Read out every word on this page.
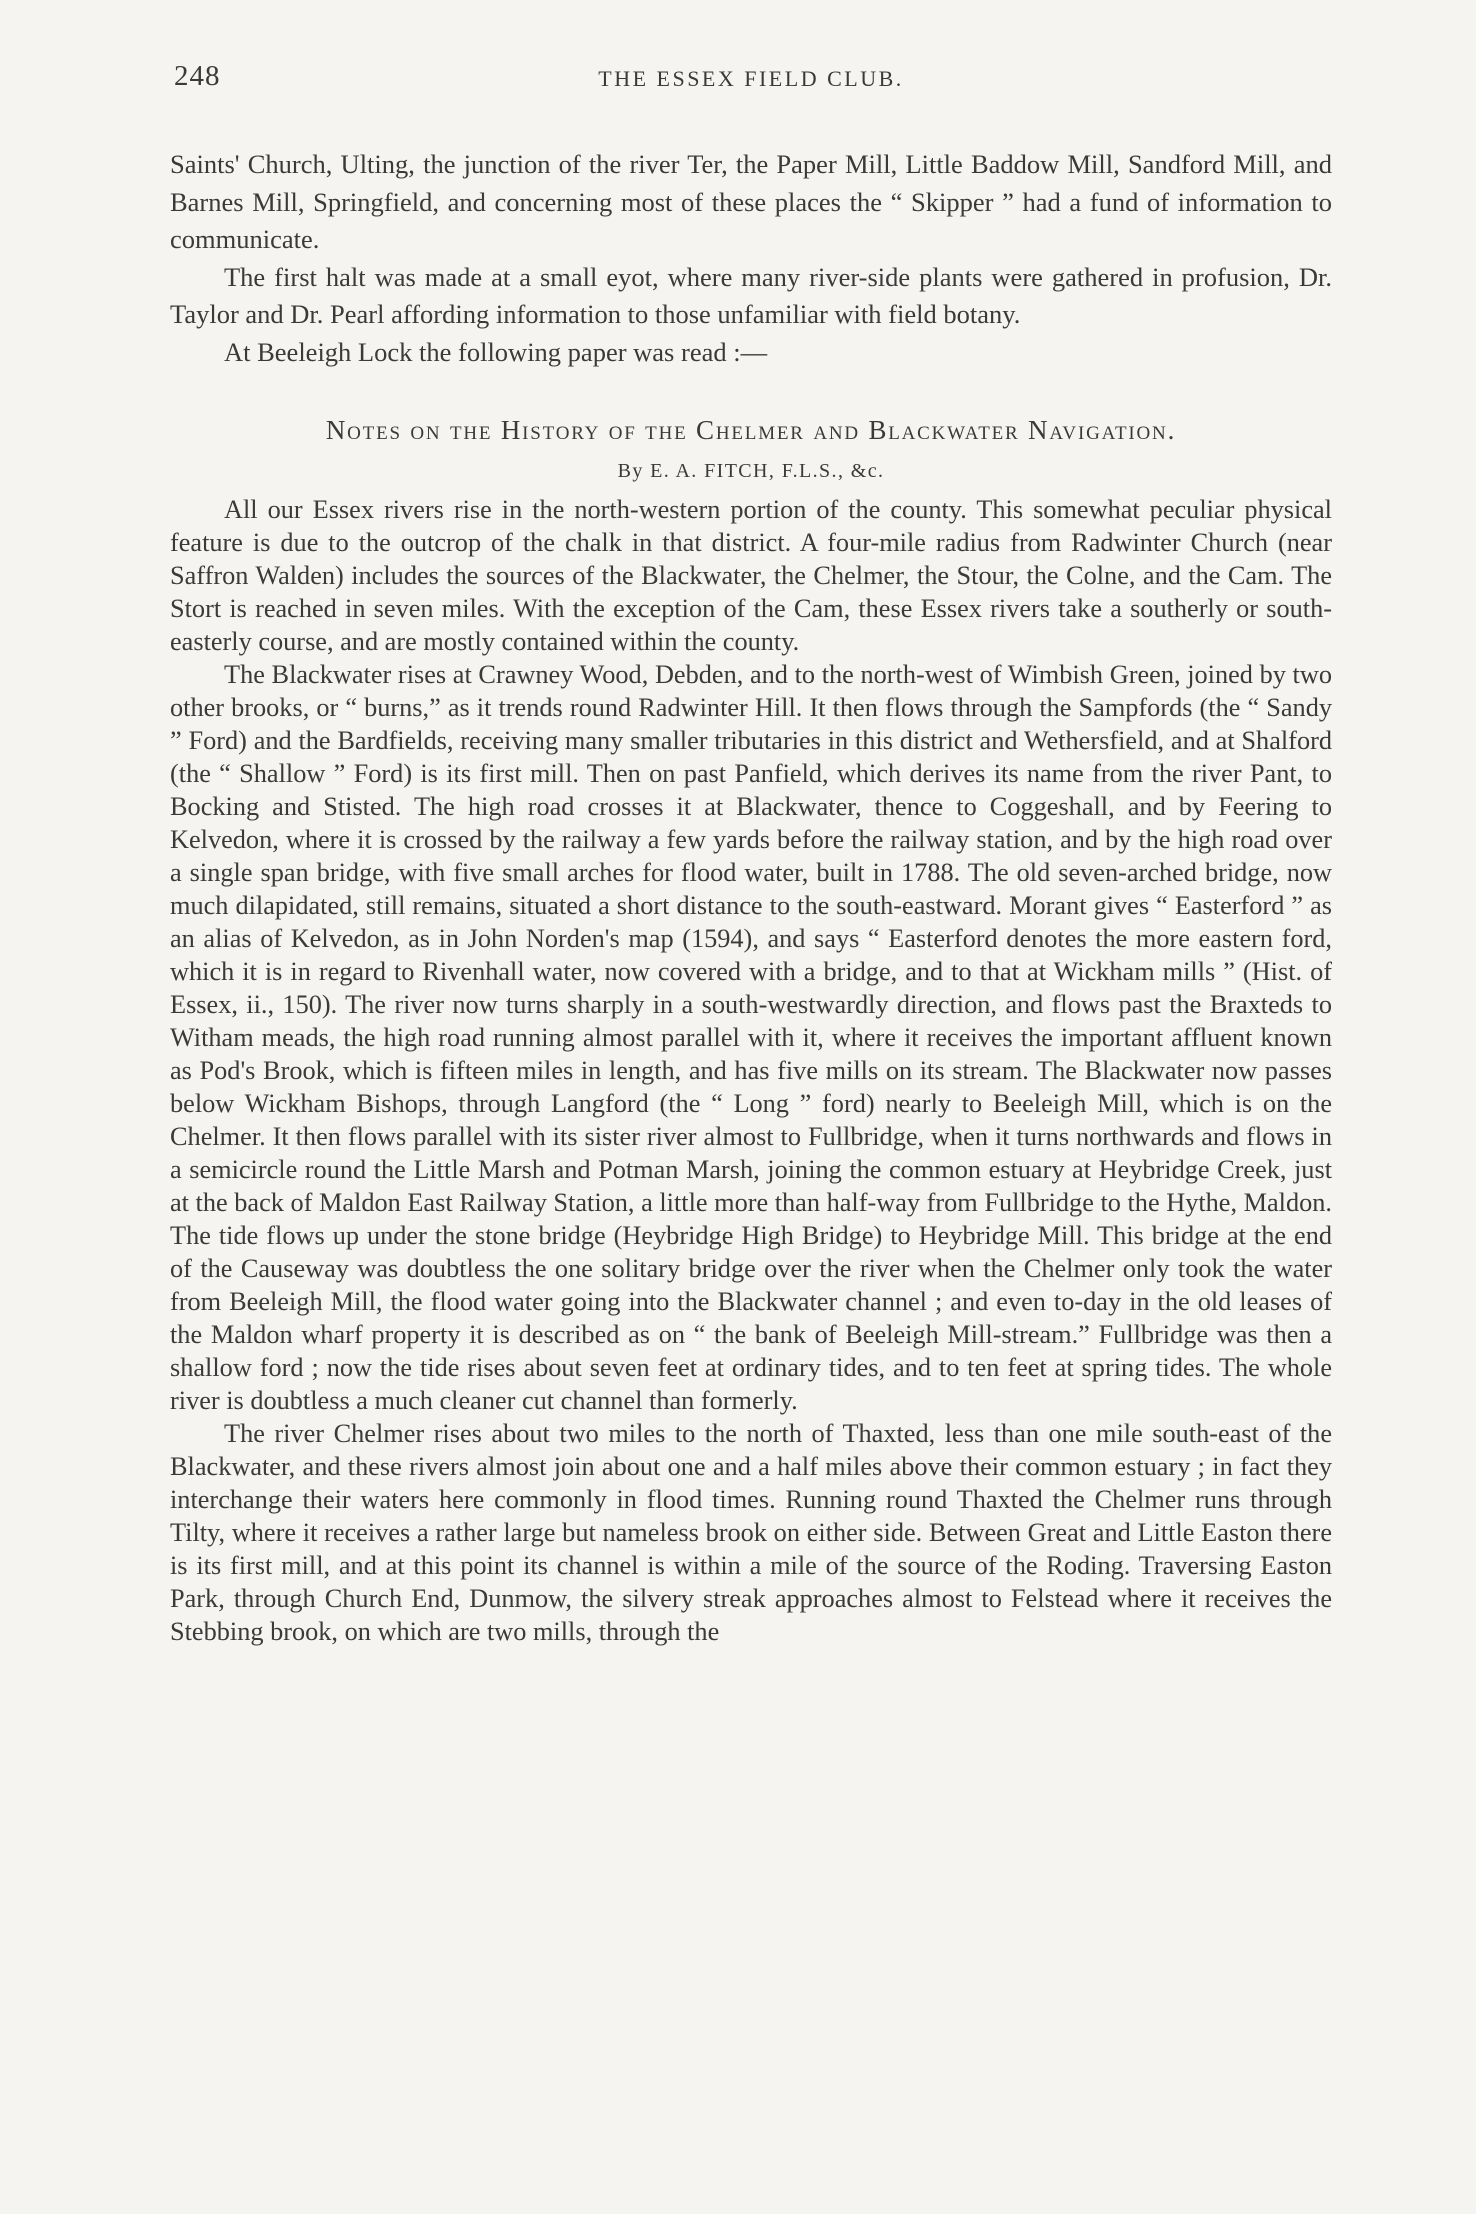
248	THE ESSEX FIELD CLUB.

Saints' Church, Ulting, the junction of the river Ter, the Paper Mill, Little Baddow Mill, Sandford Mill, and Barnes Mill, Springfield, and concerning most of these places the “ Skipper ” had a fund of information to communicate.

The first halt was made at a small eyot, where many river-side plants were gathered in profusion, Dr. Taylor and Dr. Pearl affording information to those unfamiliar with field botany.

At Beeleigh Lock the following paper was read :—

Notes on the History of the Chelmer and Blackwater Navigation.
By E. A. FITCH, F.L.S., &c.

All our Essex rivers rise in the north-western portion of the county. This somewhat peculiar physical feature is due to the outcrop of the chalk in that district. A four-mile radius from Radwinter Church (near Saffron Walden) includes the sources of the Blackwater, the Chelmer, the Stour, the Colne, and the Cam. The Stort is reached in seven miles. With the exception of the Cam, these Essex rivers take a southerly or south-easterly course, and are mostly contained within the county.

The Blackwater rises at Crawney Wood, Debden, and to the north-west of Wimbish Green, joined by two other brooks, or “ burns,” as it trends round Radwinter Hill. It then flows through the Sampfords (the “ Sandy ” Ford) and the Bardfields, receiving many smaller tributaries in this district and Wethersfield, and at Shalford (the “ Shallow ” Ford) is its first mill. Then on past Panfield, which derives its name from the river Pant, to Bocking and Stisted. The high road crosses it at Blackwater, thence to Coggeshall, and by Feering to Kelvedon, where it is crossed by the railway a few yards before the railway station, and by the high road over a single span bridge, with five small arches for flood water, built in 1788. The old seven-arched bridge, now much dilapidated, still remains, situated a short distance to the south-eastward. Morant gives “ Easterford ” as an alias of Kelvedon, as in John Norden's map (1594), and says “ Easterford denotes the more eastern ford, which it is in regard to Rivenhall water, now covered with a bridge, and to that at Wickham mills ” (Hist. of Essex, ii., 150). The river now turns sharply in a south-westwardly direction, and flows past the Braxteds to Witham meads, the high road running almost parallel with it, where it receives the important affluent known as Pod's Brook, which is fifteen miles in length, and has five mills on its stream. The Blackwater now passes below Wickham Bishops, through Langford (the “ Long ” ford) nearly to Beeleigh Mill, which is on the Chelmer. It then flows parallel with its sister river almost to Fullbridge, when it turns northwards and flows in a semicircle round the Little Marsh and Potman Marsh, joining the common estuary at Heybridge Creek, just at the back of Maldon East Railway Station, a little more than half-way from Fullbridge to the Hythe, Maldon. The tide flows up under the stone bridge (Heybridge High Bridge) to Heybridge Mill. This bridge at the end of the Causeway was doubtless the one solitary bridge over the river when the Chelmer only took the water from Beeleigh Mill, the flood water going into the Blackwater channel ; and even to-day in the old leases of the Maldon wharf property it is described as on “ the bank of Beeleigh Mill-stream.” Fullbridge was then a shallow ford ; now the tide rises about seven feet at ordinary tides, and to ten feet at spring tides. The whole river is doubtless a much cleaner cut channel than formerly.

The river Chelmer rises about two miles to the north of Thaxted, less than one mile south-east of the Blackwater, and these rivers almost join about one and a half miles above their common estuary ; in fact they interchange their waters here commonly in flood times. Running round Thaxted the Chelmer runs through Tilty, where it receives a rather large but nameless brook on either side. Between Great and Little Easton there is its first mill, and at this point its channel is within a mile of the source of the Roding. Traversing Easton Park, through Church End, Dunmow, the silvery streak approaches almost to Felstead where it receives the Stebbing brook, on which are two mills, through the
